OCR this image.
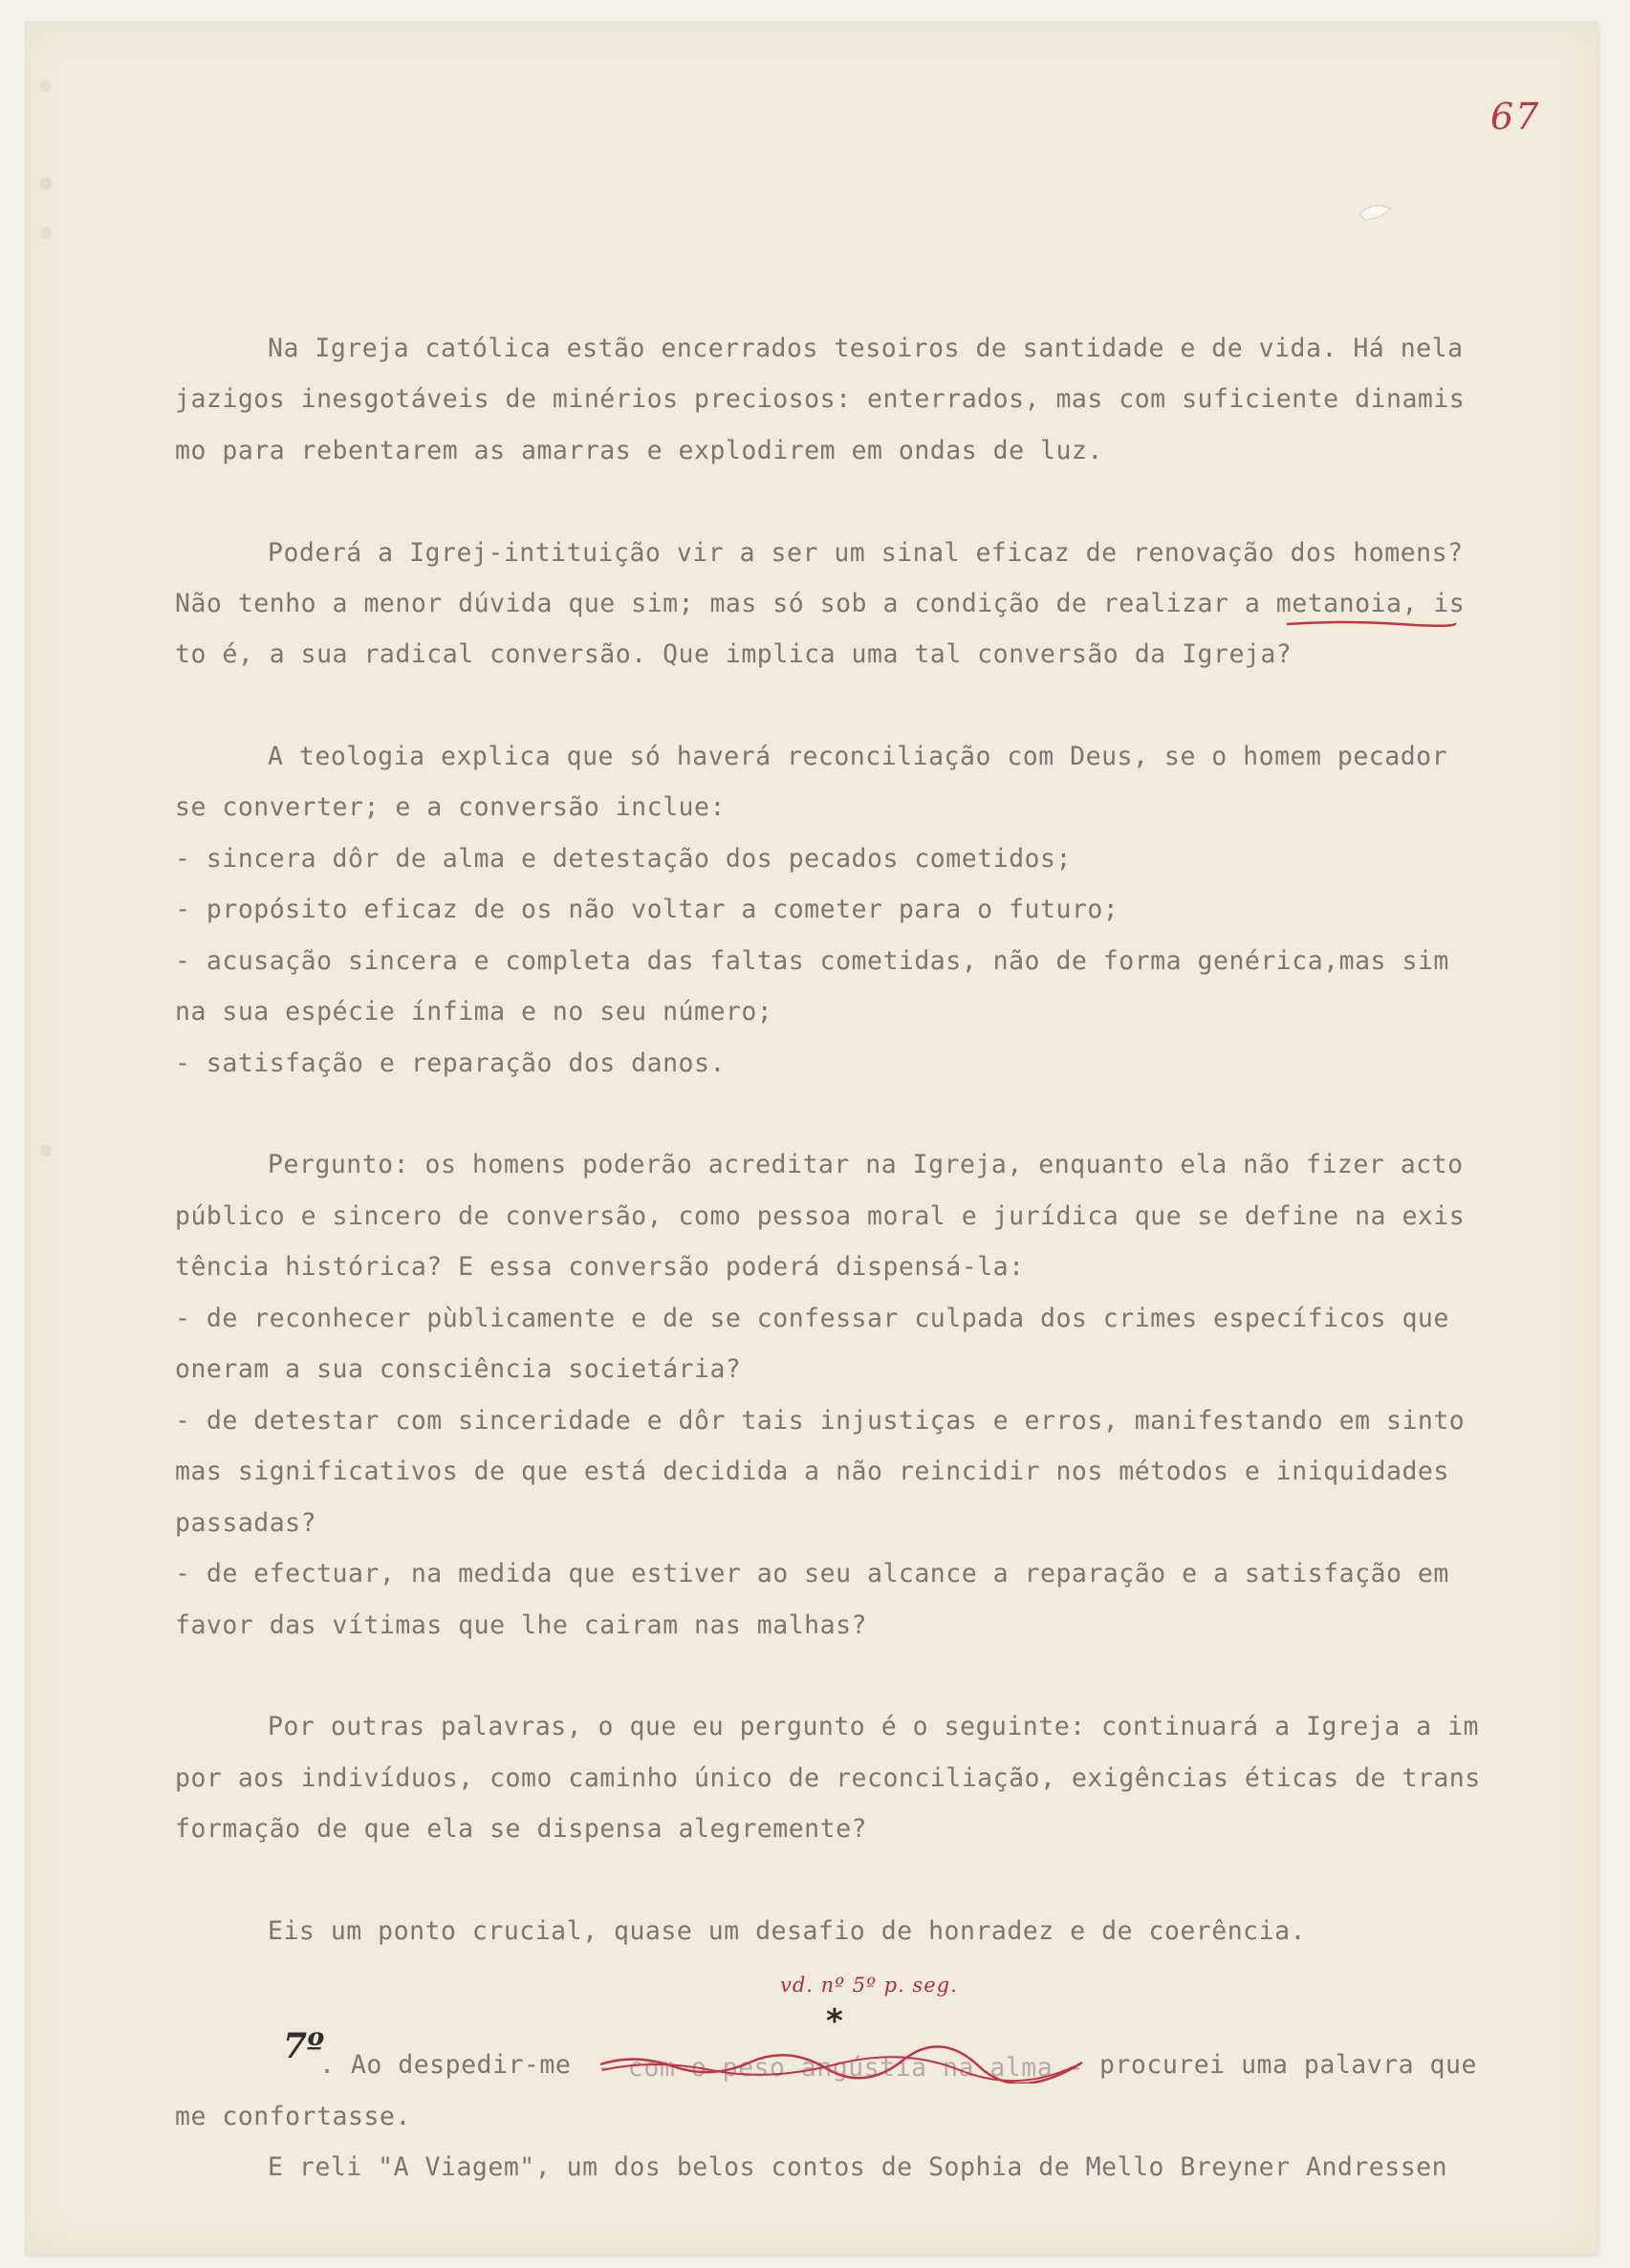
67

Na Igreja católica estão encerrados tesoiros de santidade e de vida. Há nela

jazigos inesgotáveis de minérios preciosos: enterrados, mas com suficiente dinamis

mo para rebentarem as amarras e explodirem em ondas de luz.

Poderá a Igrej-intituição vir a ser um sinal eficaz de renovação dos homens?

Não tenho a menor dúvida que sim; mas só sob a condição de realizar a metanoia, is

to é, a sua radical conversão. Que implica uma tal conversão da Igreja?

A teologia explica que só haverá reconciliação com Deus, se o homem pecador

se converter; e a conversão inclue:

- sincera dôr de alma e detestação dos pecados cometidos;

- propósito eficaz de os não voltar a cometer para o futuro;

- acusação sincera e completa das faltas cometidas, não de forma genérica,mas sim

na sua espécie ínfima e no seu número;

- satisfação e reparação dos danos.

Pergunto: os homens poderão acreditar na Igreja, enquanto ela não fizer acto

público e sincero de conversão, como pessoa moral e jurídica que se define na exis

tência histórica? E essa conversão poderá dispensá-la:

- de reconhecer pùblicamente e de se confessar culpada dos crimes específicos que

oneram a sua consciência societária?

- de detestar com sinceridade e dôr tais injustiças e erros, manifestando em sinto

mas significativos de que está decidida a não reincidir nos métodos e iniquidades

passadas?

- de efectuar, na medida que estiver ao seu alcance a reparação e a satisfação em

favor das vítimas que lhe cairam nas malhas?

Por outras palavras, o que eu pergunto é o seguinte: continuará a Igreja a im

por aos indivíduos, como caminho único de reconciliação, exigências éticas de trans

formação de que ela se dispensa alegremente?

Eis um ponto crucial, quase um desafio de honradez e de coerência.

vd. nº 5º p. seg.
*
7º

. Ao despedir-me - com o peso angústia na alma - procurei uma palavra que

me confortasse.

E reli "A Viagem", um dos belos contos de Sophia de Mello Breyner Andressen
